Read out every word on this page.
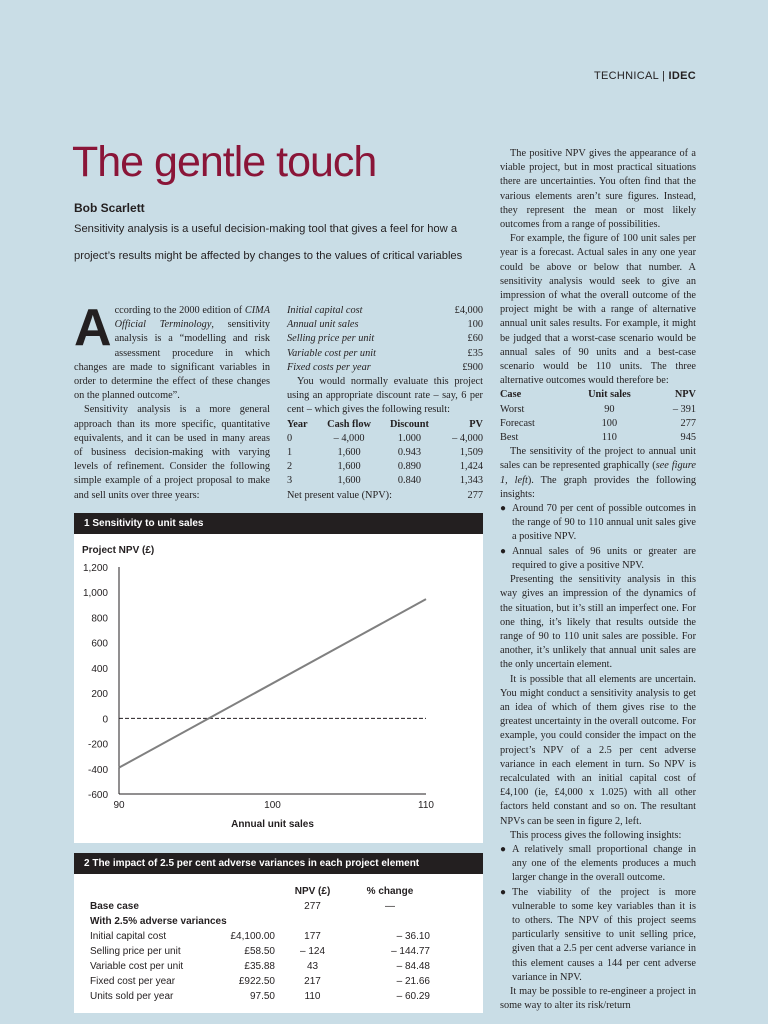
TECHNICAL | IDEC
The gentle touch
Bob Scarlett
Sensitivity analysis is a useful decision-making tool that gives a feel for how a project’s results might be affected by changes to the values of critical variables

According to the 2000 edition of CIMA Official Terminology, sensitivity analysis is a “modelling and risk assessment procedure in which changes are made to significant variables in order to determine the effect of these changes on the planned outcome”.

Sensitivity analysis is a more general approach than its more specific, quantitative equivalents, and it can be used in many areas of business decision-making with varying levels of refinement. Consider the following simple example of a project proposal to make and sell units over three years:

Initial capital cost	£4,000
Annual unit sales	100
Selling price per unit	£60
Variable cost per unit	£35
Fixed costs per year	£900

You would normally evaluate this project using an appropriate discount rate – say, 6 per cent – which gives the following result:

Year	Cash flow	Discount	PV
0	– 4,000	1.000	– 4,000
1	1,600	0.943	1,509
2	1,600	0.890	1,424
3	1,600	0.840	1,343
Net present value (NPV):	277

The positive NPV gives the appearance of a viable project, but in most practical situations there are uncertainties. You often find that the various elements aren’t sure figures. Instead, they represent the mean or most likely outcomes from a range of possibilities.

For example, the figure of 100 unit sales per year is a forecast. Actual sales in any one year could be above or below that number. A sensitivity analysis would seek to give an impression of what the overall outcome of the project might be with a range of alternative annual unit sales results. For example, it might be judged that a worst-case scenario would be annual sales of 90 units and a best-case scenario would be 110 units. The three alternative outcomes would therefore be:

Case	Unit sales	NPV
Worst	90	– 391
Forecast	100	277
Best	110	945

The sensitivity of the project to annual unit sales can be represented graphically (see figure 1, left). The graph provides the following insights:

● Around 70 per cent of possible outcomes in the range of 90 to 110 annual unit sales give a positive NPV.
● Annual sales of 96 units or greater are required to give a positive NPV.

Presenting the sensitivity analysis in this way gives an impression of the dynamics of the situation, but it’s still an imperfect one. For one thing, it’s likely that results outside the range of 90 to 110 unit sales are possible. For another, it’s unlikely that annual unit sales are the only uncertain element.

It is possible that all elements are uncertain. You might conduct a sensitivity analysis to get an idea of which of them gives rise to the greatest uncertainty in the overall outcome. For example, you could consider the impact on the project’s NPV of a 2.5 per cent adverse variance in each element in turn. So NPV is recalculated with an initial capital cost of £4,100 (ie, £4,000 x 1.025) with all other factors held constant and so on. The resultant NPVs can be seen in figure 2, left.

This process gives the following insights:

● A relatively small proportional change in any one of the elements produces a much larger change in the overall outcome.
● The viability of the project is more vulnerable to some key variables than it is to others. The NPV of this project seems particularly sensitive to unit selling price, given that a 2.5 per cent adverse variance in this element causes a 144 per cent adverse variance in NPV.

It may be possible to re-engineer a project in some way to alter its risk/return

1 Sensitivity to unit sales
Project NPV (£)
1,200
1,000
800
600
400
200
0
-200
-400
-600
90	100	110
Annual unit sales
2 The impact of 2.5 per cent adverse variances in each project element
		NPV (£)	% change	
Base case		277	—	
With 2.5% adverse variances				
Initial capital cost	£4,100.00	177	– 36.10	
Selling price per unit	£58.50	– 124	– 144.77	
Variable cost per unit	£35.88	43	– 84.48	
Fixed cost per year	£922.50	217	– 21.66	
Units sold per year	97.50	110	– 60.29	
